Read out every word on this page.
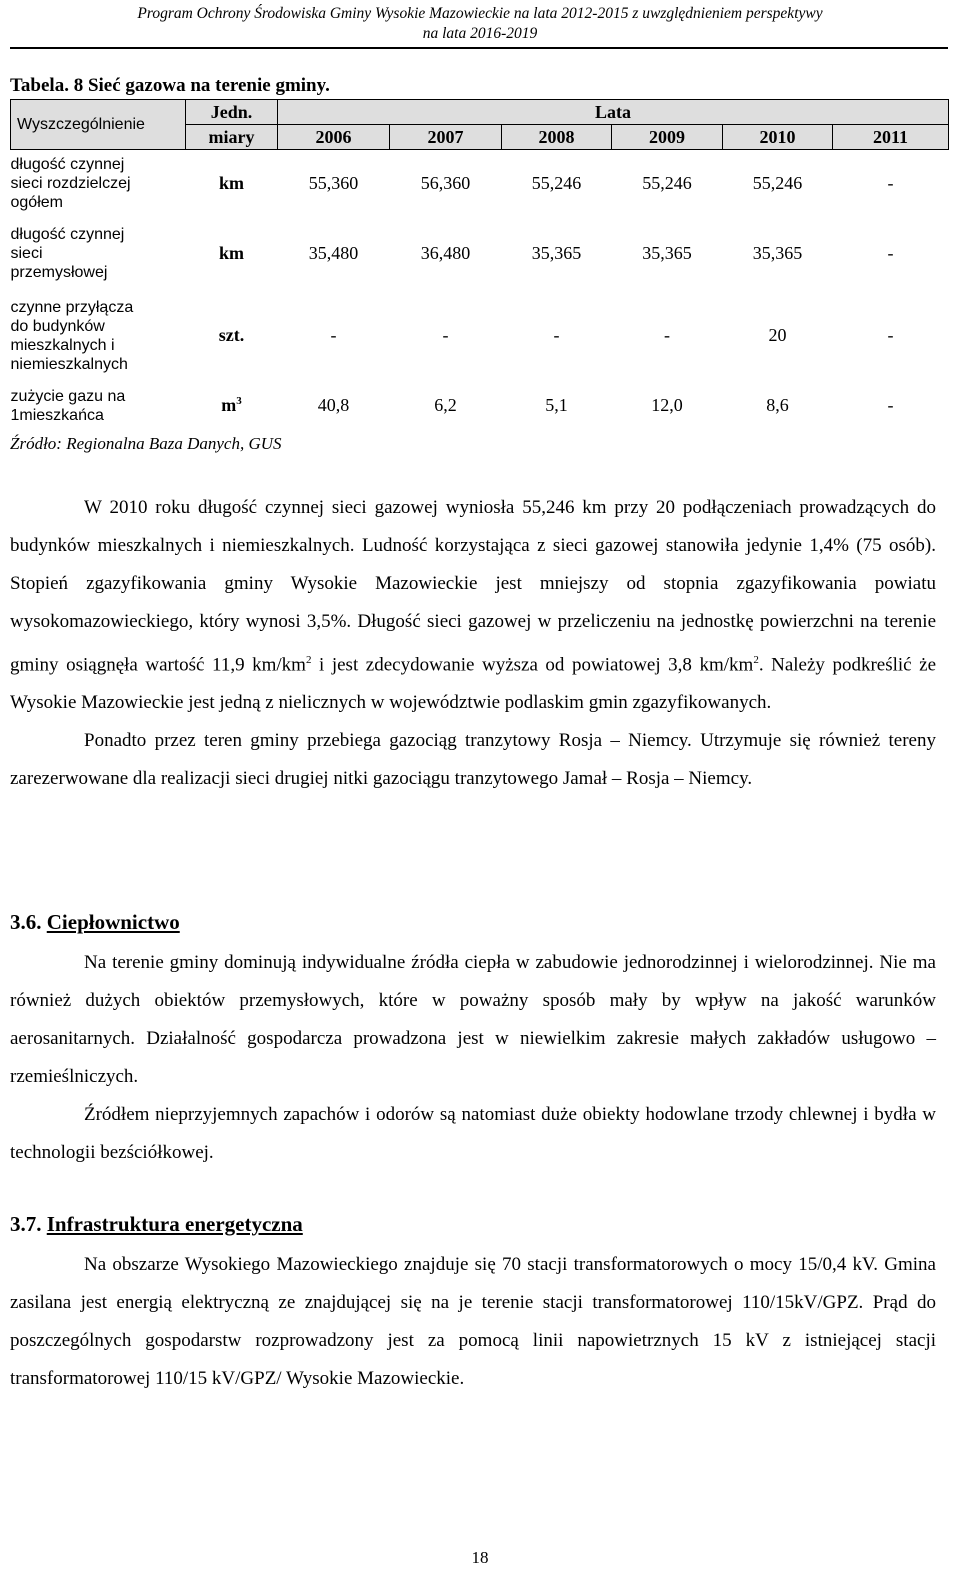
Program Ochrony Środowiska Gminy Wysokie Mazowieckie na lata 2012-2015 z uwzględnieniem perspektywy
na lata 2016-2019
Tabela. 8 Sieć gazowa na terenie gminy.
Wyszczególnienie	Jedn.	Lata					
	miary	2006	2007	2008	2009	2010	2011

długość czynnej
sieci rozdzielczej
ogółem	km	55,360	56,360	55,246	55,246	55,246	-

długość czynnej
sieci
przemysłowej	km	35,480	36,480	35,365	35,365	35,365	-

czynne przyłącza
do budynków
mieszkalnych i
niemieszkalnych	szt.	-	-	-	-	20	-

zużycie gazu na
1mieszkańca	$m^3$	40,8	6,2	5,1	12,0	8,6	-
Źródło: Regionalna Baza Danych, GUS

W 2010 roku długość czynnej sieci gazowej wyniosła 55,246 km przy 20 podłączeniach prowadzących do budynków mieszkalnych i niemieszkalnych. Ludność korzystająca z sieci gazowej stanowiła jedynie 1,4% (75 osób). Stopień zgazyfikowania gminy Wysokie Mazowieckie jest mniejszy od stopnia zgazyfikowania powiatu wysokomazowieckiego, który wynosi 3,5%. Długość sieci gazowej w przeliczeniu na jednostkę powierzchni na terenie gminy osiągnęła wartość 11,9 $km/km^2$ i jest zdecydowanie wyższa od powiatowej 3,8 $km/km^2$. Należy podkreślić że Wysokie Mazowieckie jest jedną z nielicznych w województwie podlaskim gmin zgazyfikowanych.

Ponadto przez teren gminy przebiega gazociąg tranzytowy Rosja – Niemcy. Utrzymuje się również tereny zarezerwowane dla realizacji sieci drugiej nitki gazociągu tranzytowego Jamał – Rosja – Niemcy.

3.6. Ciepłownictwo

Na terenie gminy dominują indywidualne źródła ciepła w zabudowie jednorodzinnej i wielorodzinnej. Nie ma również dużych obiektów przemysłowych, które w poważny sposób mały by wpływ na jakość warunków aerosanitarnych. Działalność gospodarcza prowadzona jest w niewielkim zakresie małych zakładów usługowo – rzemieślniczych.

Źródłem nieprzyjemnych zapachów i odorów są natomiast duże obiekty hodowlane trzody chlewnej i bydła w technologii bezściółkowej.

3.7. Infrastruktura energetyczna

Na obszarze Wysokiego Mazowieckiego znajduje się 70 stacji transformatorowych o mocy 15/0,4 kV. Gmina zasilana jest energią elektryczną ze znajdującej się na je terenie stacji transformatorowej 110/15kV/GPZ. Prąd do poszczególnych gospodarstw rozprowadzony jest za pomocą linii napowietrznych 15 kV z istniejącej stacji transformatorowej 110/15 kV/GPZ/ Wysokie Mazowieckie.

18
